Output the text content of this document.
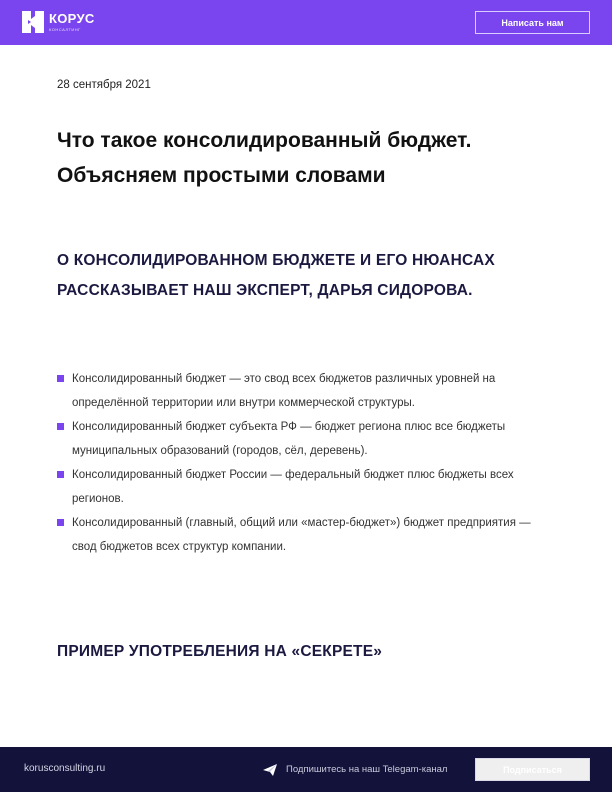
КОРУС
КОНСАЛТИНГ
Написать нам
28 сентября 2021
Что такое консолидированный бюджет. Объясняем простыми словами

О КОНСОЛИДИРОВАННОМ БЮДЖЕТЕ И ЕГО НЮАНСАХ РАССКАЗЫВАЕТ НАШ ЭКСПЕРТ, ДАРЬЯ СИДОРОВА.

Консолидированный бюджет — это свод всех бюджетов различных уровней на определённой территории или внутри коммерческой структуры.
Консолидированный бюджет субъекта РФ — бюджет региона плюс все бюджеты муниципальных образований (городов, сёл, деревень).
Консолидированный бюджет России — федеральный бюджет плюс бюджеты всех регионов.
Консолидированный (главный, общий или «мастер-бюджет») бюджет предприятия — свод бюджетов всех структур компании.
ПРИМЕР УПОТРЕБЛЕНИЯ НА «СЕКРЕТЕ»
korusconsulting.ru	Подпишитесь на наш Telegam-канал	Подписаться
